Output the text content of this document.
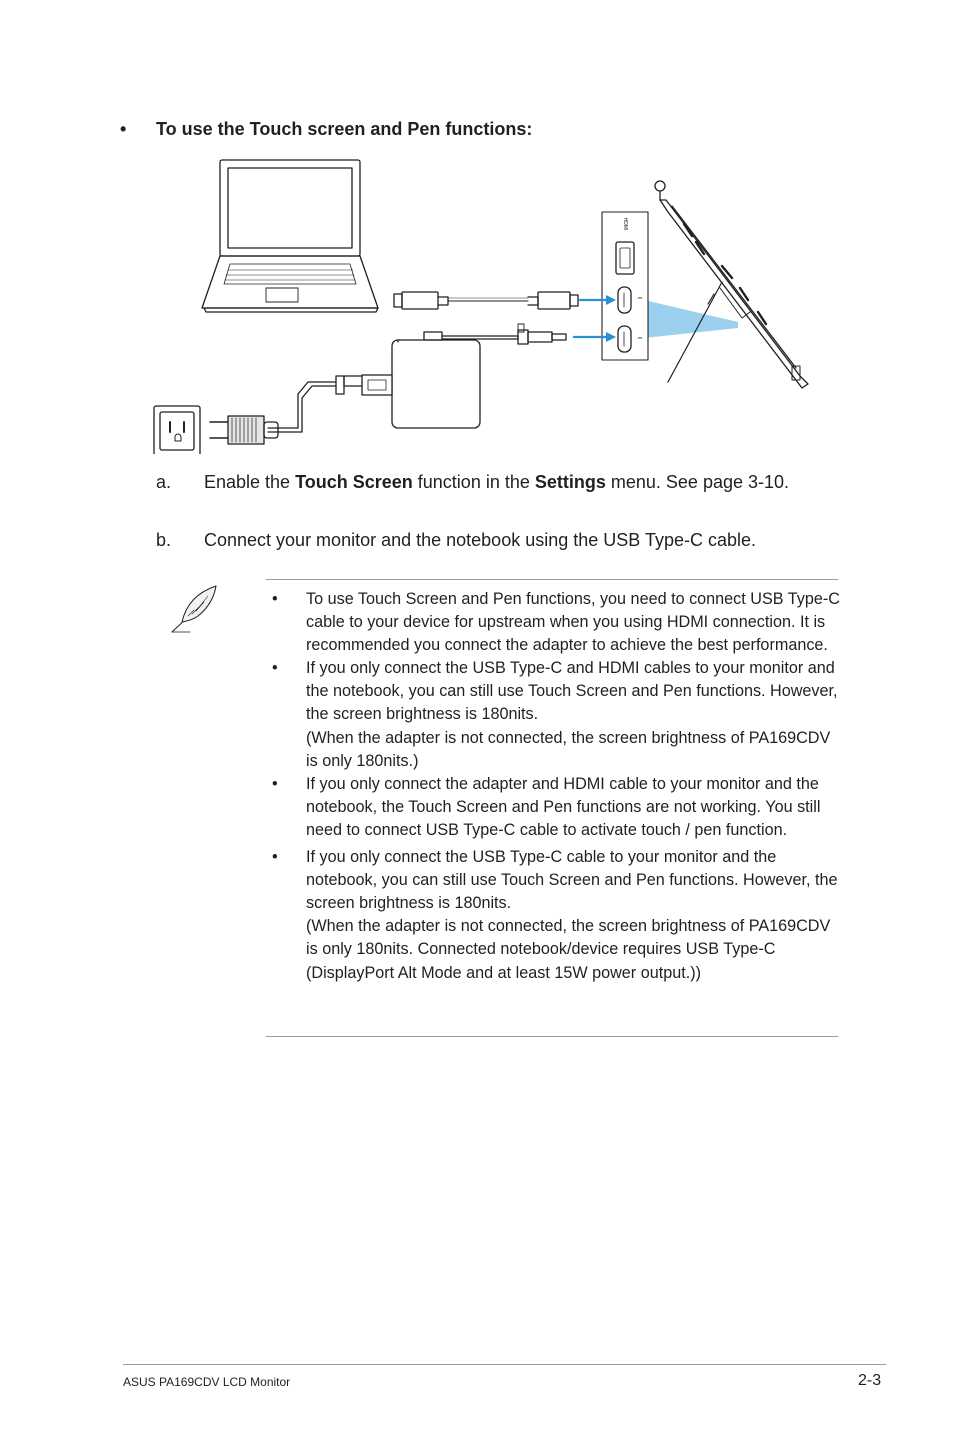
• To use the Touch screen and Pen functions:
HDMI
⎓
⎓
a. Enable the Touch Screen function in the Settings menu. See page 3-10.
b. Connect your monitor and the notebook using the USB Type-C cable.
• To use Touch Screen and Pen functions, you need to connect USB Type-C cable to your device for upstream when you using HDMI connection. It is recommended you connect the adapter to achieve the best performance.
• If you only connect the USB Type-C and HDMI cables to your monitor and the notebook, you can still use Touch Screen and Pen functions. However, the screen brightness is 180nits.
(When the adapter is not connected, the screen brightness of PA169CDV is only 180nits.)
• If you only connect the adapter and HDMI cable to your monitor and the notebook, the Touch Screen and Pen functions are not working. You still need to connect USB Type-C cable to activate touch / pen function.
• If you only connect the USB Type-C cable to your monitor and the notebook, you can still use Touch Screen and Pen functions. However, the screen brightness is 180nits.
(When the adapter is not connected, the screen brightness of PA169CDV is only 180nits. Connected notebook/device requires USB Type-C (DisplayPort Alt Mode and at least 15W power output.))
ASUS PA169CDV LCD Monitor	2-3
